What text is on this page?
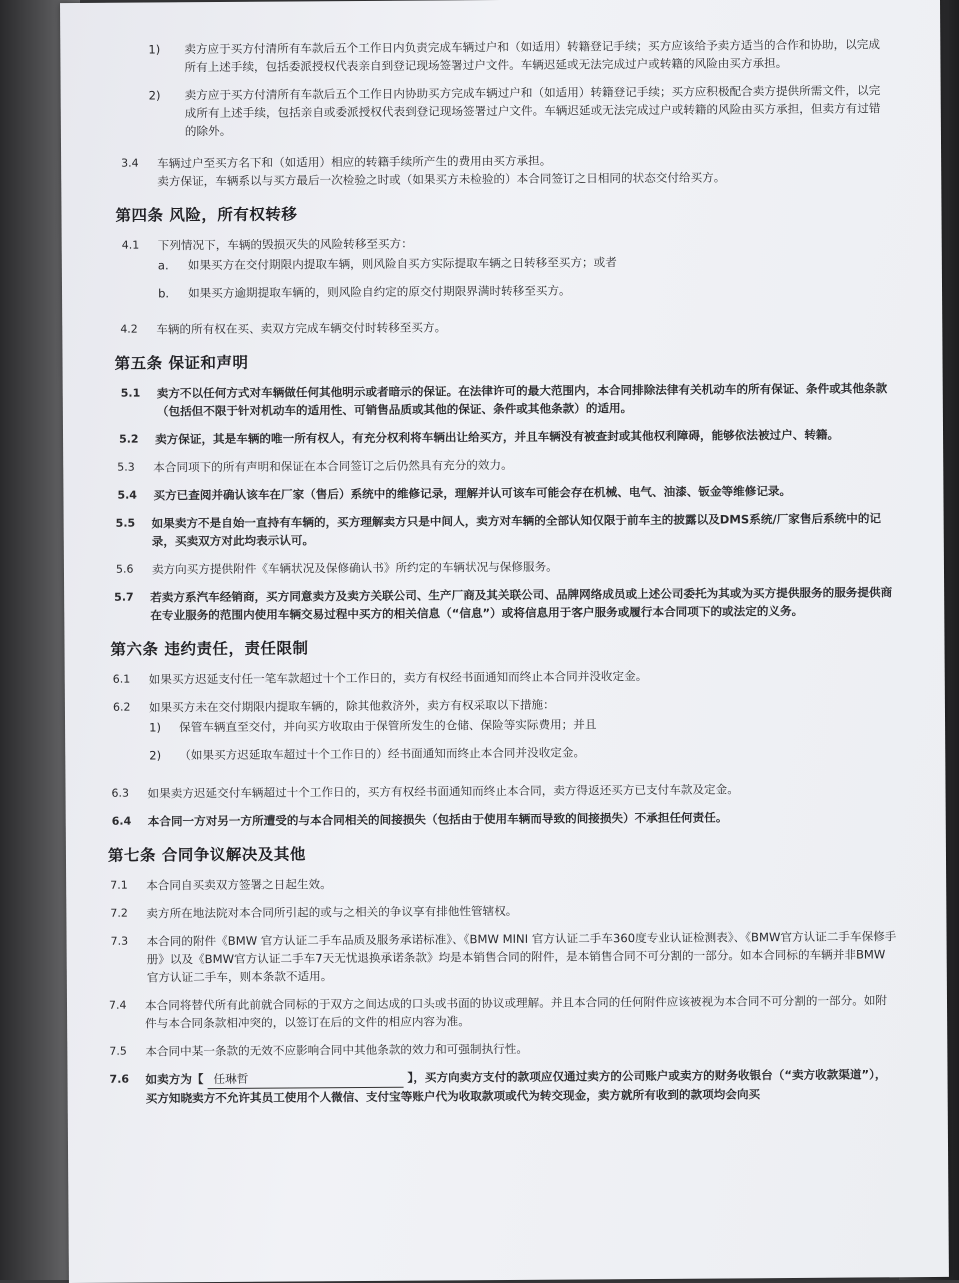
1)	卖方应于买方付清所有车款后五个工作日内负责完成车辆过户和（如适用）转籍登记手续；买方应该给予卖方适当的合作和协助，以完成所有上述手续，包括委派授权代表亲自到登记现场签署过户文件。车辆迟延或无法完成过户或转籍的风险由买方承担。
2)	卖方应于买方付清所有车款后五个工作日内协助买方完成车辆过户和（如适用）转籍登记手续；买方应积极配合卖方提供所需文件，以完成所有上述手续，包括亲自或委派授权代表到登记现场签署过户文件。车辆迟延或无法完成过户或转籍的风险由买方承担，但卖方有过错的除外。
3.4	车辆过户至买方名下和（如适用）相应的转籍手续所产生的费用由买方承担。
卖方保证，车辆系以与买方最后一次检验之时或（如果买方未检验的）本合同签订之日相同的状态交付给买方。
第四条 风险，所有权转移
4.1	下列情况下，车辆的毁损灭失的风险转移至买方：
a.	如果买方在交付期限内提取车辆，则风险自买方实际提取车辆之日转移至买方；或者
b.	如果买方逾期提取车辆的，则风险自约定的原交付期限界满时转移至买方。
4.2	车辆的所有权在买、卖双方完成车辆交付时转移至买方。
第五条 保证和声明
5.1	卖方不以任何方式对车辆做任何其他明示或者暗示的保证。在法律许可的最大范围内，本合同排除法律有关机动车的所有保证、条件或其他条款（包括但不限于针对机动车的适用性、可销售品质或其他的保证、条件或其他条款）的适用。
5.2	卖方保证，其是车辆的唯一所有权人，有充分权利将车辆出让给买方，并且车辆没有被查封或其他权利障碍，能够依法被过户、转籍。
5.3	本合同项下的所有声明和保证在本合同签订之后仍然具有充分的效力。
5.4	买方已查阅并确认该车在厂家（售后）系统中的维修记录，理解并认可该车可能会存在机械、电气、油漆、钣金等维修记录。
5.5	如果卖方不是自始一直持有车辆的，买方理解卖方只是中间人，卖方对车辆的全部认知仅限于前车主的披露以及DMS系统/厂家售后系统中的记录，买卖双方对此均表示认可。
5.6	卖方向买方提供附件《车辆状况及保修确认书》所约定的车辆状况与保修服务。
5.7	若卖方系汽车经销商，买方同意卖方及卖方关联公司、生产厂商及其关联公司、品牌网络成员或上述公司委托为其或为买方提供服务的服务提供商在专业服务的范围内使用车辆交易过程中买方的相关信息（“信息”）或将信息用于客户服务或履行本合同项下的或法定的义务。
第六条 违约责任，责任限制
6.1	如果买方迟延支付任一笔车款超过十个工作日的，卖方有权经书面通知而终止本合同并没收定金。
6.2	如果买方未在交付期限内提取车辆的，除其他救济外，卖方有权采取以下措施：
1)	保管车辆直至交付，并向买方收取由于保管所发生的仓储、保险等实际费用；并且
2)	（如果买方迟延取车超过十个工作日的）经书面通知而终止本合同并没收定金。
6.3	如果卖方迟延交付车辆超过十个工作日的，买方有权经书面通知而终止本合同，卖方得返还买方已支付车款及定金。
6.4	本合同一方对另一方所遭受的与本合同相关的间接损失（包括由于使用车辆而导致的间接损失）不承担任何责任。
第七条 合同争议解决及其他
7.1	本合同自买卖双方签署之日起生效。
7.2	卖方所在地法院对本合同所引起的或与之相关的争议享有排他性管辖权。
7.3	本合同的附件《BMW 官方认证二手车品质及服务承诺标准》、《BMW MINI 官方认证二手车360度专业认证检测表》、《BMW官方认证二手车保修手册》以及《BMW官方认证二手车7天无忧退换承诺条款》均是本销售合同的附件，是本销售合同不可分割的一部分。如本合同标的车辆并非BMW官方认证二手车，则本条款不适用。
7.4	本合同将替代所有此前就合同标的于双方之间达成的口头或书面的协议或理解。并且本合同的任何附件应该被视为本合同不可分割的一部分。如附件与本合同条款相冲突的，以签订在后的文件的相应内容为准。
7.5	本合同中某一条款的无效不应影响合同中其他条款的效力和可强制执行性。
7.6	如卖方为【 任琳哲	】，买方向卖方支付的款项应仅通过卖方的公司账户或卖方的财务收银台（“卖方收款渠道”），买方知晓卖方不允许其员工使用个人微信、支付宝等账户代为收取款项或代为转交现金，卖方就所有收到的款项均会向买
